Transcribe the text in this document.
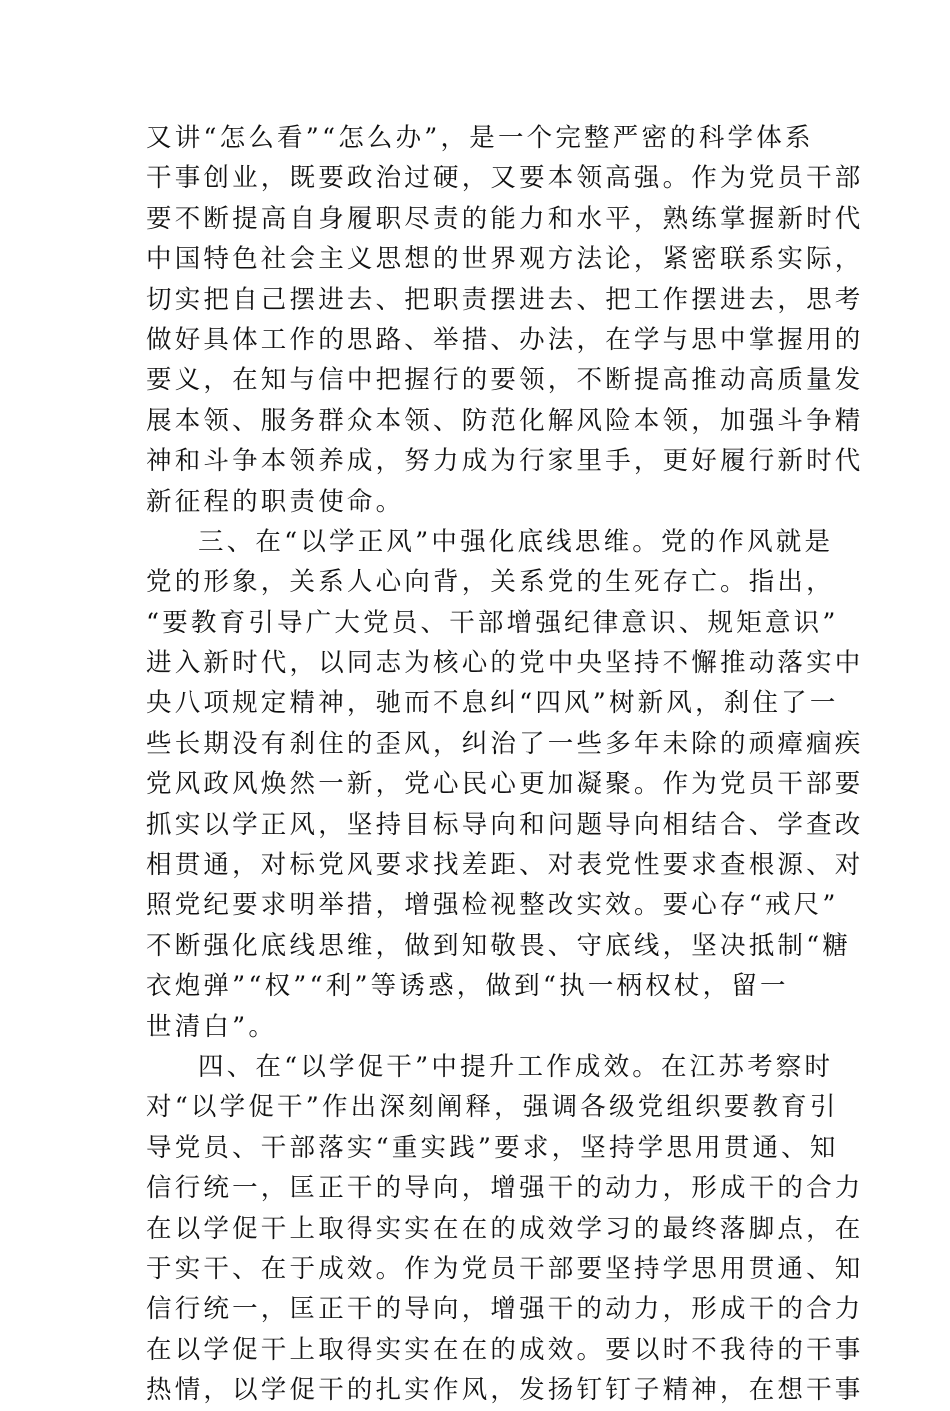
又讲“怎么看”“怎么办”，是一个完整严密的科学体系
干事创业，既要政治过硬，又要本领高强。作为党员干部
要不断提高自身履职尽责的能力和水平，熟练掌握新时代
中国特色社会主义思想的世界观方法论，紧密联系实际，
切实把自己摆进去、把职责摆进去、把工作摆进去，思考
做好具体工作的思路、举措、办法，在学与思中掌握用的
要义，在知与信中把握行的要领，不断提高推动高质量发
展本领、服务群众本领、防范化解风险本领，加强斗争精
神和斗争本领养成，努力成为行家里手，更好履行新时代
新征程的职责使命。
三、在“以学正风”中强化底线思维。党的作风就是
党的形象，关系人心向背，关系党的生死存亡。指出，
“要教育引导广大党员、干部增强纪律意识、规矩意识”
进入新时代，以同志为核心的党中央坚持不懈推动落实中
央八项规定精神，驰而不息纠“四风”树新风，刹住了一
些长期没有刹住的歪风，纠治了一些多年未除的顽瘴痼疾
党风政风焕然一新，党心民心更加凝聚。作为党员干部要
抓实以学正风，坚持目标导向和问题导向相结合、学查改
相贯通，对标党风要求找差距、对表党性要求查根源、对
照党纪要求明举措，增强检视整改实效。要心存“戒尺”
不断强化底线思维，做到知敬畏、守底线，坚决抵制“糖
衣炮弹”“权”“利”等诱惑，做到“执一柄权杖，留一
世清白”。
四、在“以学促干”中提升工作成效。在江苏考察时
对“以学促干”作出深刻阐释，强调各级党组织要教育引
导党员、干部落实“重实践”要求，坚持学思用贯通、知
信行统一，匡正干的导向，增强干的动力，形成干的合力
在以学促干上取得实实在在的成效学习的最终落脚点，在
于实干、在于成效。作为党员干部要坚持学思用贯通、知
信行统一，匡正干的导向，增强干的动力，形成干的合力
在以学促干上取得实实在在的成效。要以时不我待的干事
热情，以学促干的扎实作风，发扬钉钉子精神，在想干事
